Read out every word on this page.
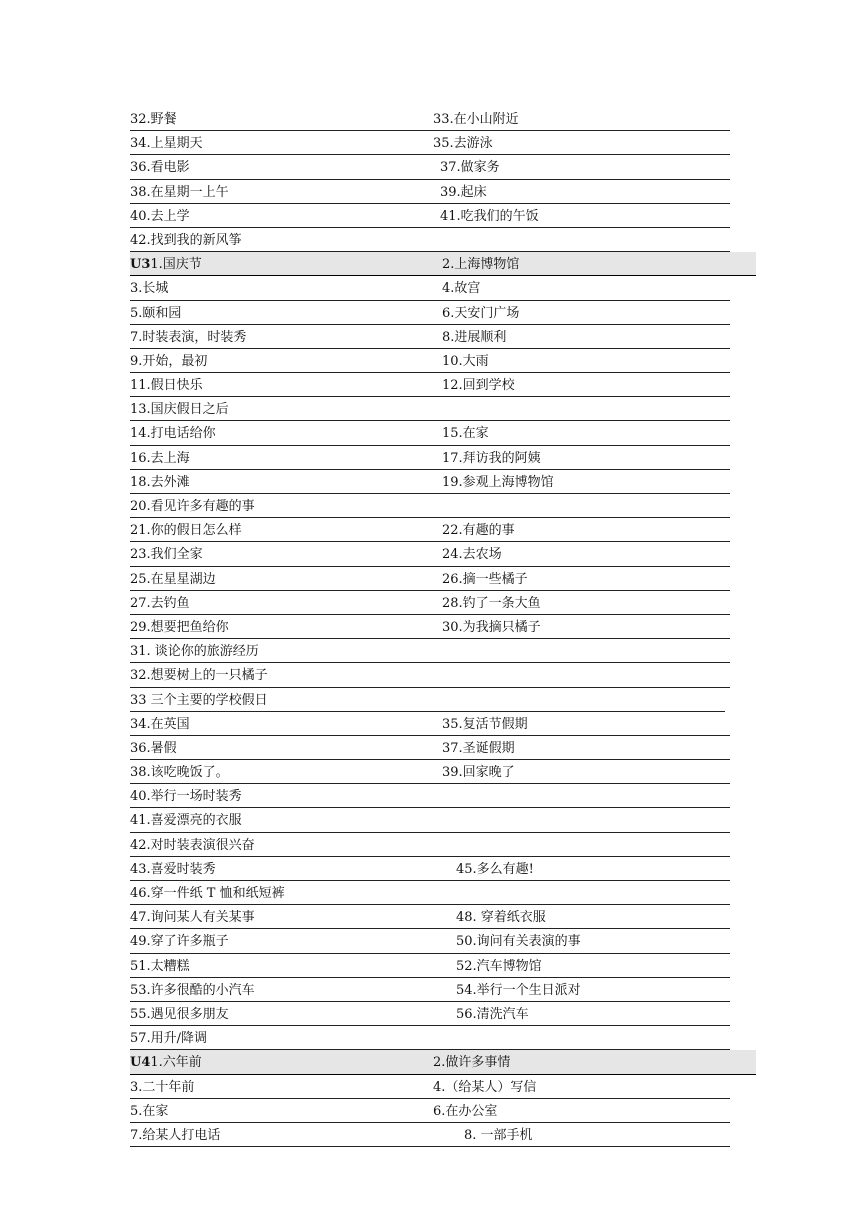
32.野餐	33.在小山附近
34.上星期天	35.去游泳
36.看电影	37.做家务
38.在星期一上午	39.起床
40.去上学	41.吃我们的午饭
42.找到我的新风筝
U31.国庆节	2.上海博物馆
3.长城	4.故宫
5.颐和园	6.天安门广场
7.时装表演，时装秀	8.进展顺利
9.开始，最初	10.大雨
11.假日快乐	12.回到学校
13.国庆假日之后
14.打电话给你	15.在家
16.去上海	17.拜访我的阿姨
18.去外滩	19.参观上海博物馆
20.看见许多有趣的事
21.你的假日怎么样	22.有趣的事
23.我们全家	24.去农场
25.在星星湖边	26.摘一些橘子
27.去钓鱼	28.钓了一条大鱼
29.想要把鱼给你	30.为我摘只橘子
31. 谈论你的旅游经历
32.想要树上的一只橘子
33 三个主要的学校假日
34.在英国	35.复活节假期
36.暑假	37.圣诞假期
38.该吃晚饭了。	39.回家晚了
40.举行一场时装秀
41.喜爱漂亮的衣服
42.对时装表演很兴奋
43.喜爱时装秀	45.多么有趣!
46.穿一件纸 T 恤和纸短裤
47.询问某人有关某事	48. 穿着纸衣服
49.穿了许多瓶子	50.询问有关表演的事
51.太糟糕	52.汽车博物馆
53.许多很酷的小汽车	54.举行一个生日派对
55.遇见很多朋友	56.清洗汽车
57.用升/降调
U41.六年前	2.做许多事情
3.二十年前	4.（给某人）写信
5.在家	6.在办公室
7.给某人打电话	8. 一部手机
